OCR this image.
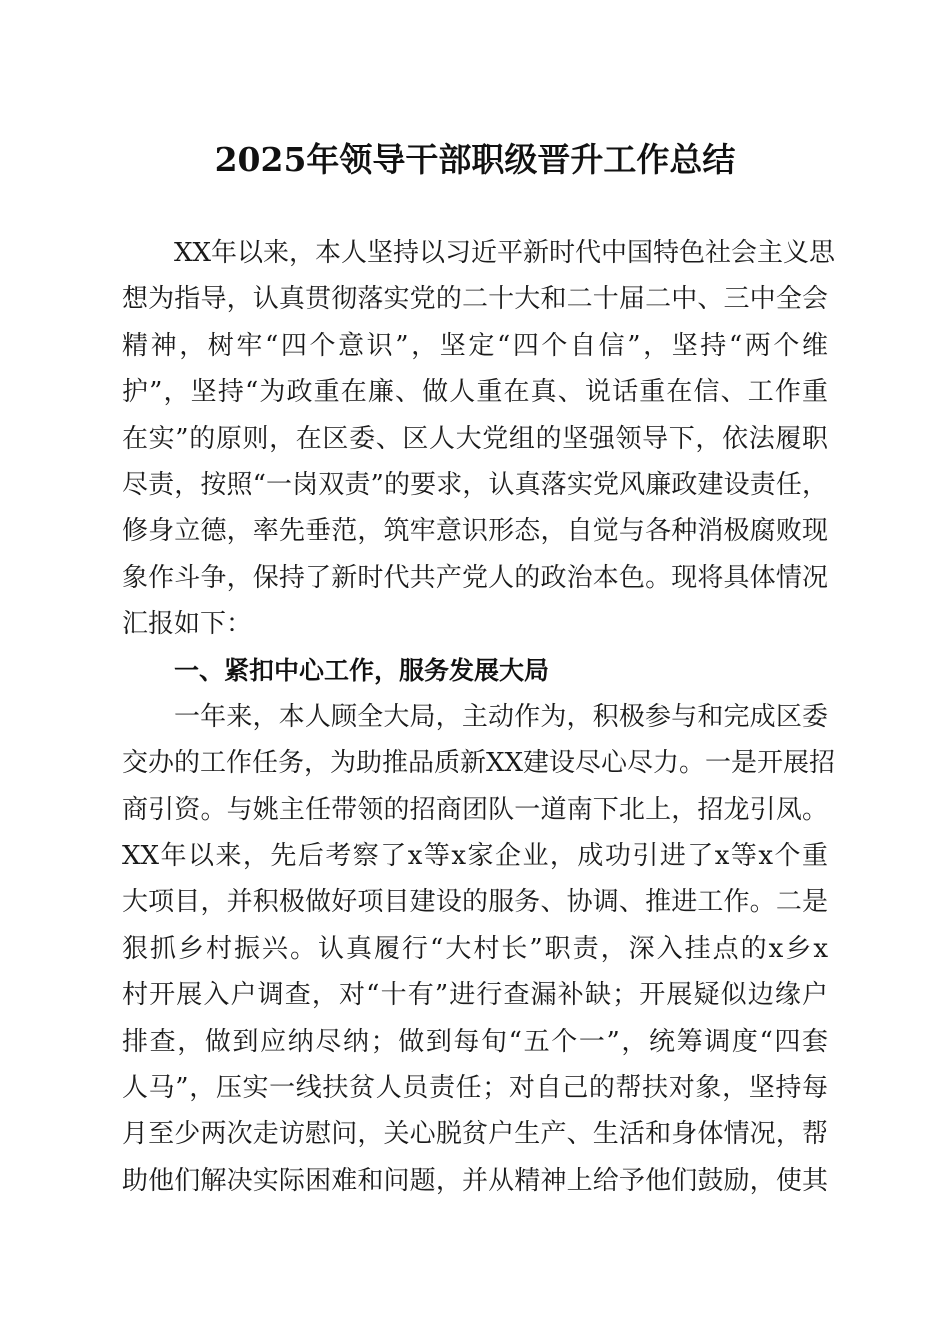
2025年领导干部职级晋升工作总结
XX年以来，本人坚持以习近平新时代中国特色社会主义思
想为指导，认真贯彻落实党的二十大和二十届二中、三中全会
精神，树牢“四个意识”，坚定“四个自信”，坚持“两个维
护”，坚持“为政重在廉、做人重在真、说话重在信、工作重
在实”的原则，在区委、区人大党组的坚强领导下，依法履职
尽责，按照“一岗双责”的要求，认真落实党风廉政建设责任，
修身立德，率先垂范，筑牢意识形态，自觉与各种消极腐败现
象作斗争，保持了新时代共产党人的政治本色。现将具体情况
汇报如下：
一、紧扣中心工作，服务发展大局
一年来，本人顾全大局，主动作为，积极参与和完成区委
交办的工作任务，为助推品质新XX建设尽心尽力。一是开展招
商引资。与姚主任带领的招商团队一道南下北上，招龙引凤。
XX年以来，先后考察了x等x家企业，成功引进了x等x个重
大项目，并积极做好项目建设的服务、协调、推进工作。二是
狠抓乡村振兴。认真履行“大村长”职责，深入挂点的x乡x
村开展入户调查，对“十有”进行查漏补缺；开展疑似边缘户
排查，做到应纳尽纳；做到每旬“五个一”，统筹调度“四套
人马”，压实一线扶贫人员责任；对自己的帮扶对象，坚持每
月至少两次走访慰问，关心脱贫户生产、生活和身体情况，帮
助他们解决实际困难和问题，并从精神上给予他们鼓励，使其
